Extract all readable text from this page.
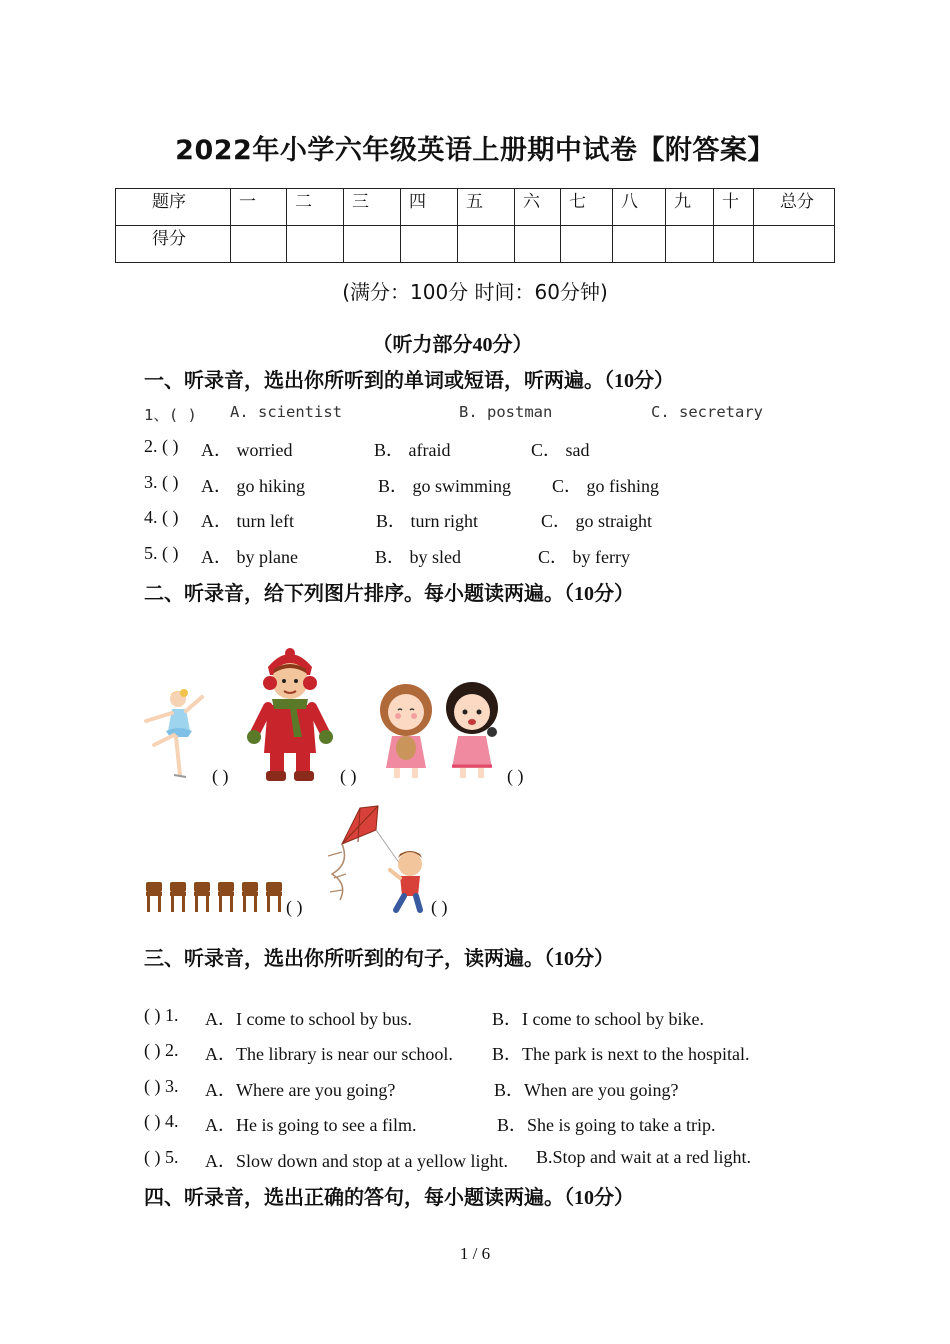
2022年小学六年级英语上册期中试卷【附答案】
题序	一	二	三	四	五	六	七	八	九	十	总分
得分											
(满分：100分 时间：60分钟)
（听力部分40分）
一、听录音，选出你所听到的单词或短语，听两遍。（10分）
1、( ) A. scientist	B. postman	C. secretary
2. ( ) A． worried	B． afraid	C． sad
3. ( ) A． go hiking	B． go swimming C． go fishing
4. ( ) A． turn left	B． turn right	C． go straight
5. ( ) A． by plane	B． by sled	C． by ferry
二、听录音，给下列图片排序。每小题读两遍。（10分）
( )	( )	( )
( )	( )
三、听录音，选出你所听到的句子，读两遍。（10分）
( ) 1. A．I come to school by bus.	B．I come to school by bike.
( ) 2. A．The library is near our school. B．The park is next to the hospital.
( ) 3. A．Where are you going?	B．When are you going?
( ) 4. A．He is going to see a film.	B．She is going to take a trip.
( ) 5. A．Slow down and stop at a yellow light. B.Stop and wait at a red light.
四、听录音，选出正确的答句，每小题读两遍。（10分）
1 / 6
